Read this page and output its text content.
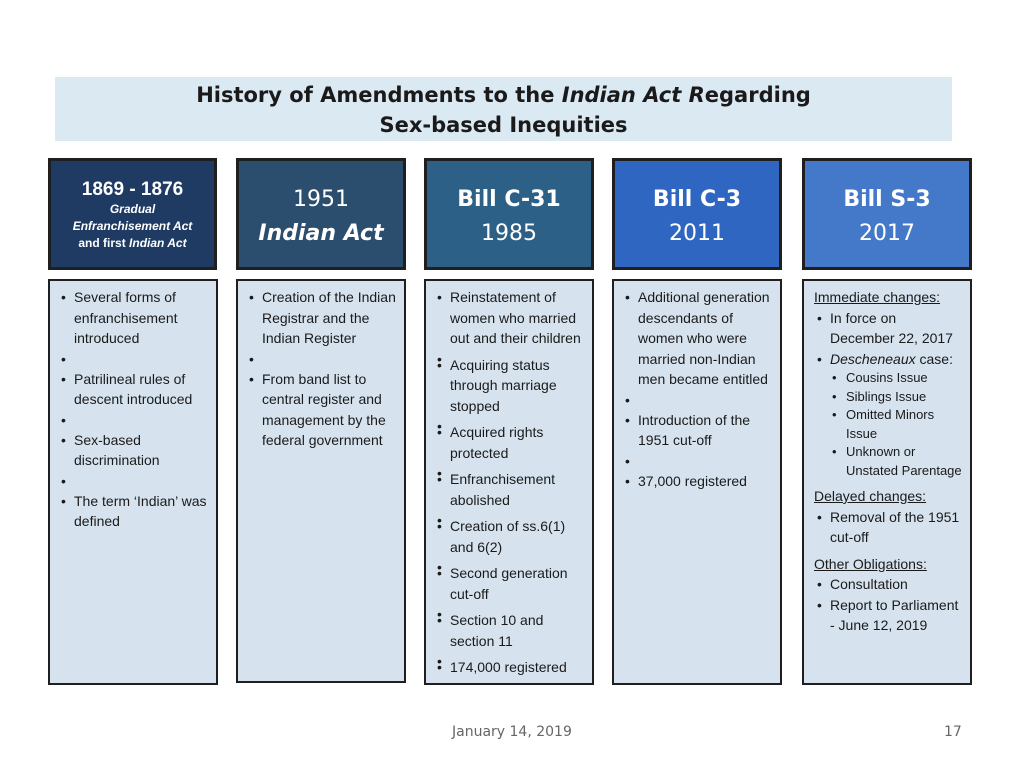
History of Amendments to the Indian Act Regarding
Sex-based Inequities
1869 - 1876
Gradual
Enfranchisement Act
and first Indian Act
1951
Indian Act
Bill C-31
1985
Bill C-3
2011
Bill S-3
2017
• Several forms of enfranchisement introduced
•
• Patrilineal rules of descent introduced
•
• Sex-based discrimination
•
• The term ‘Indian’ was defined
• Creation of the Indian Registrar and the Indian Register
•
• From band list to central register and management by the federal government
• Reinstatement of women who married out and their children
•
• Acquiring status through marriage stopped
•
• Acquired rights protected
•
• Enfranchisement abolished
•
• Creation of ss.6(1) and 6(2)
•
• Second generation cut-off
•
• Section 10 and section 11
•
• 174,000 registered
• Additional generation descendants of women who were married non-Indian men became entitled
•
• Introduction of the 1951 cut-off
•
• 37,000 registered
Immediate changes:
• In force on December 22, 2017
• Descheneaux case:
• Cousins Issue
• Siblings Issue
• Omitted Minors Issue
• Unknown or Unstated Parentage
Delayed changes:
• Removal of the 1951 cut-off
Other Obligations:
• Consultation
• Report to Parliament - June 12, 2019
January 14, 2019	17
